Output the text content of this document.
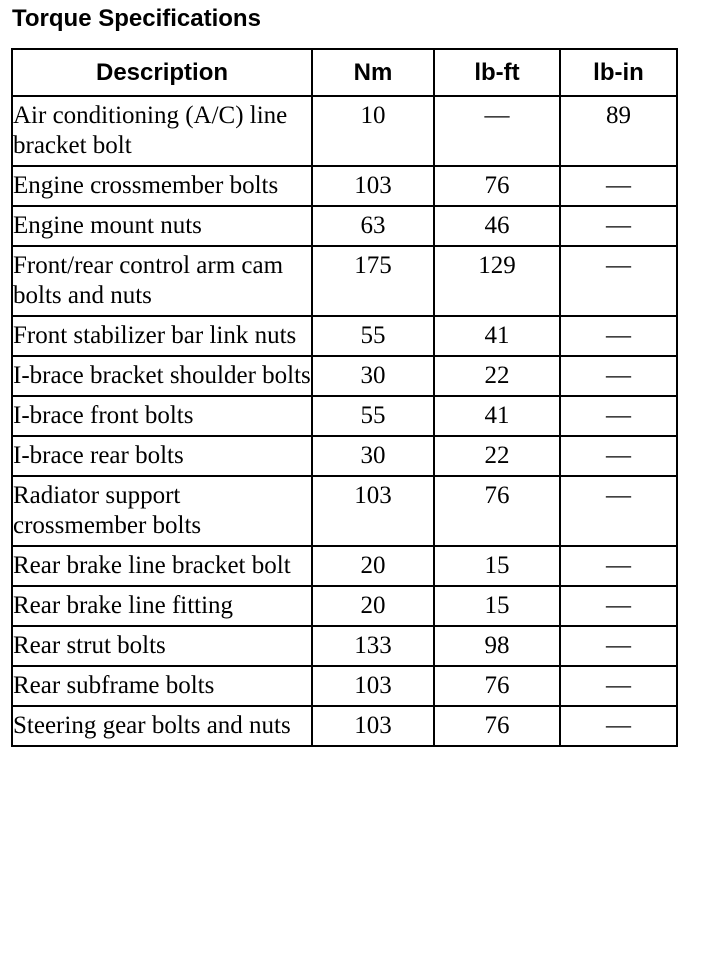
Torque Specifications
Description	Nm	lb-ft	lb-in
Air conditioning (A/C) line bracket bolt	10	—	89
Engine crossmember bolts	103	76	—
Engine mount nuts	63	46	—
Front/rear control arm cam bolts and nuts	175	129	—
Front stabilizer bar link nuts	55	41	—
I-brace bracket shoulder bolts	30	22	—
I-brace front bolts	55	41	—
I-brace rear bolts	30	22	—
Radiator support crossmember bolts	103	76	—
Rear brake line bracket bolt	20	15	—
Rear brake line fitting	20	15	—
Rear strut bolts	133	98	—
Rear subframe bolts	103	76	—
Steering gear bolts and nuts	103	76	—
